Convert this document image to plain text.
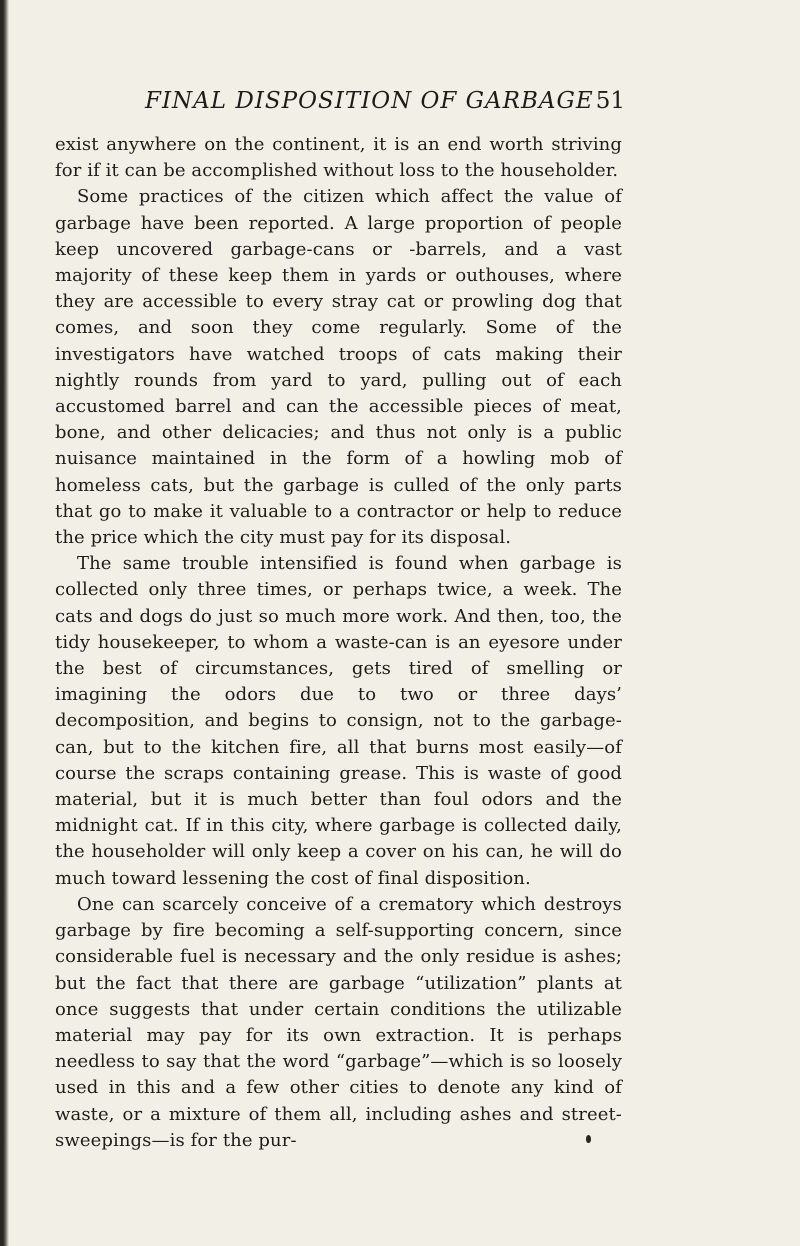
FINAL DISPOSITION OF GARBAGE 51

exist anywhere on the continent, it is an end worth striving for if it can be accomplished without loss to the householder.

Some practices of the citizen which affect the value of garbage have been reported. A large proportion of people keep uncovered garbage-cans or -barrels, and a vast majority of these keep them in yards or outhouses, where they are accessible to every stray cat or prowling dog that comes, and soon they come regularly. Some of the investigators have watched troops of cats making their nightly rounds from yard to yard, pulling out of each accustomed barrel and can the accessible pieces of meat, bone, and other delicacies; and thus not only is a public nuisance maintained in the form of a howling mob of homeless cats, but the garbage is culled of the only parts that go to make it valuable to a contractor or help to reduce the price which the city must pay for its disposal.

The same trouble intensified is found when garbage is collected only three times, or perhaps twice, a week. The cats and dogs do just so much more work. And then, too, the tidy housekeeper, to whom a waste-can is an eyesore under the best of circumstances, gets tired of smelling or imagining the odors due to two or three days’ decomposition, and begins to consign, not to the garbage-can, but to the kitchen fire, all that burns most easily—of course the scraps containing grease. This is waste of good material, but it is much better than foul odors and the midnight cat. If in this city, where garbage is collected daily, the householder will only keep a cover on his can, he will do much toward lessening the cost of final disposition.

One can scarcely conceive of a crematory which destroys garbage by fire becoming a self-supporting concern, since considerable fuel is necessary and the only residue is ashes; but the fact that there are garbage “utilization” plants at once suggests that under certain conditions the utilizable material may pay for its own extraction. It is perhaps needless to say that the word “garbage”—which is so loosely used in this and a few other cities to denote any kind of waste, or a mixture of them all, including ashes and street-sweepings—is for the pur-
